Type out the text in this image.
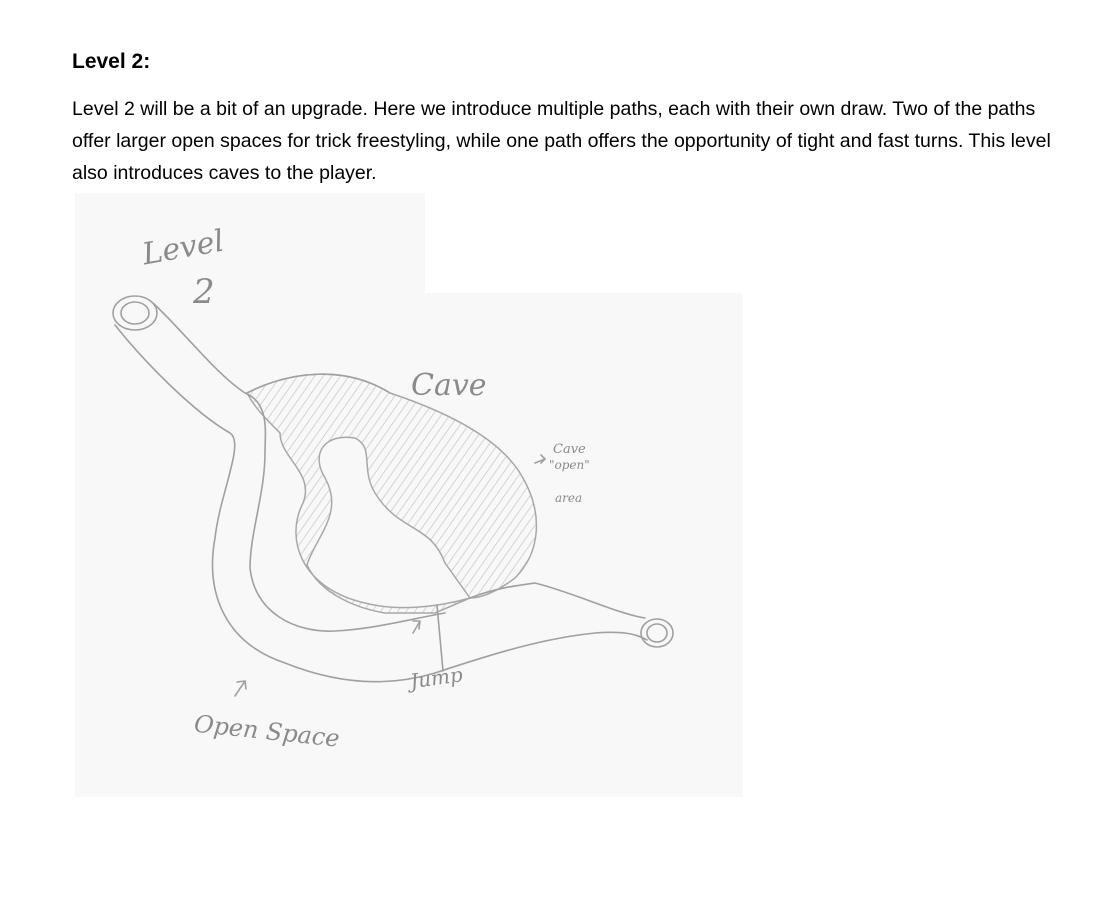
Level 2:

Level 2 will be a bit of an upgrade. Here we introduce multiple paths, each with their own draw. Two of the paths offer larger open spaces for trick freestyling, while one path offers the opportunity of tight and fast turns. This level also introduces caves to the player.

Level
2
Cave
Cave
"open"
area
Jump
Open Space
